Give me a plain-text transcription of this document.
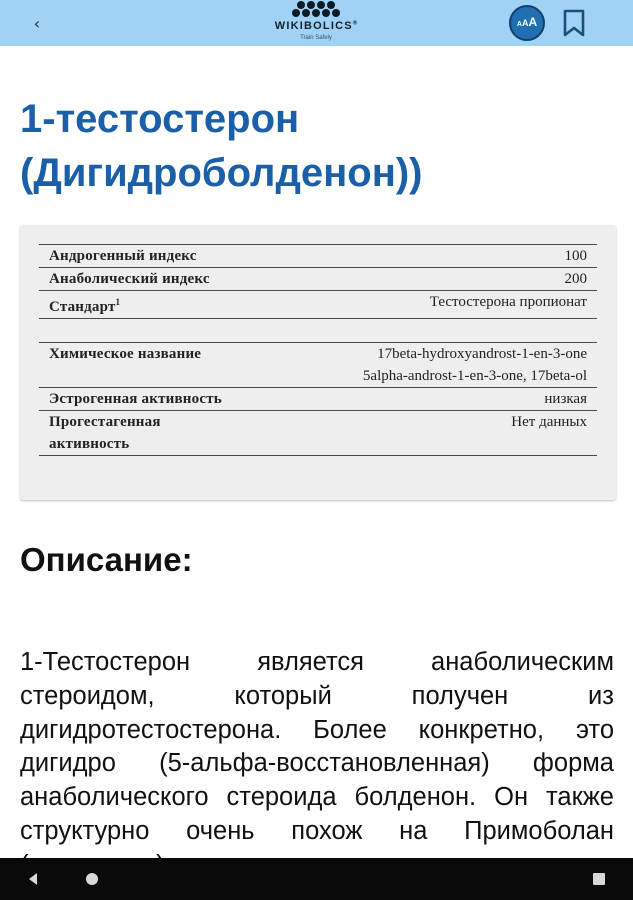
‹	WIKIBOLICS®
Train Safely
AAA
1-тестостерон (Дигидроболденон))
Андрогенный индекс	100
Анаболический индекс	200
Стандарт$^1$	Тестостерона пропионат

Химическое название	17beta-hydroxyandrost-1-en-3-one
5alpha-androst-1-en-3-one, 17beta-ol
Эстрогенная активность	низкая
Прогестагенная активность	Нет данных
Описание:

1-Тестостерон является анаболическим стероидом, который получен из дигидротестостерона. Более конкретно, это дигидро (5-альфа-восстановленная) форма анаболического стероида болденон. Он также структурно очень похож на Примоболан
